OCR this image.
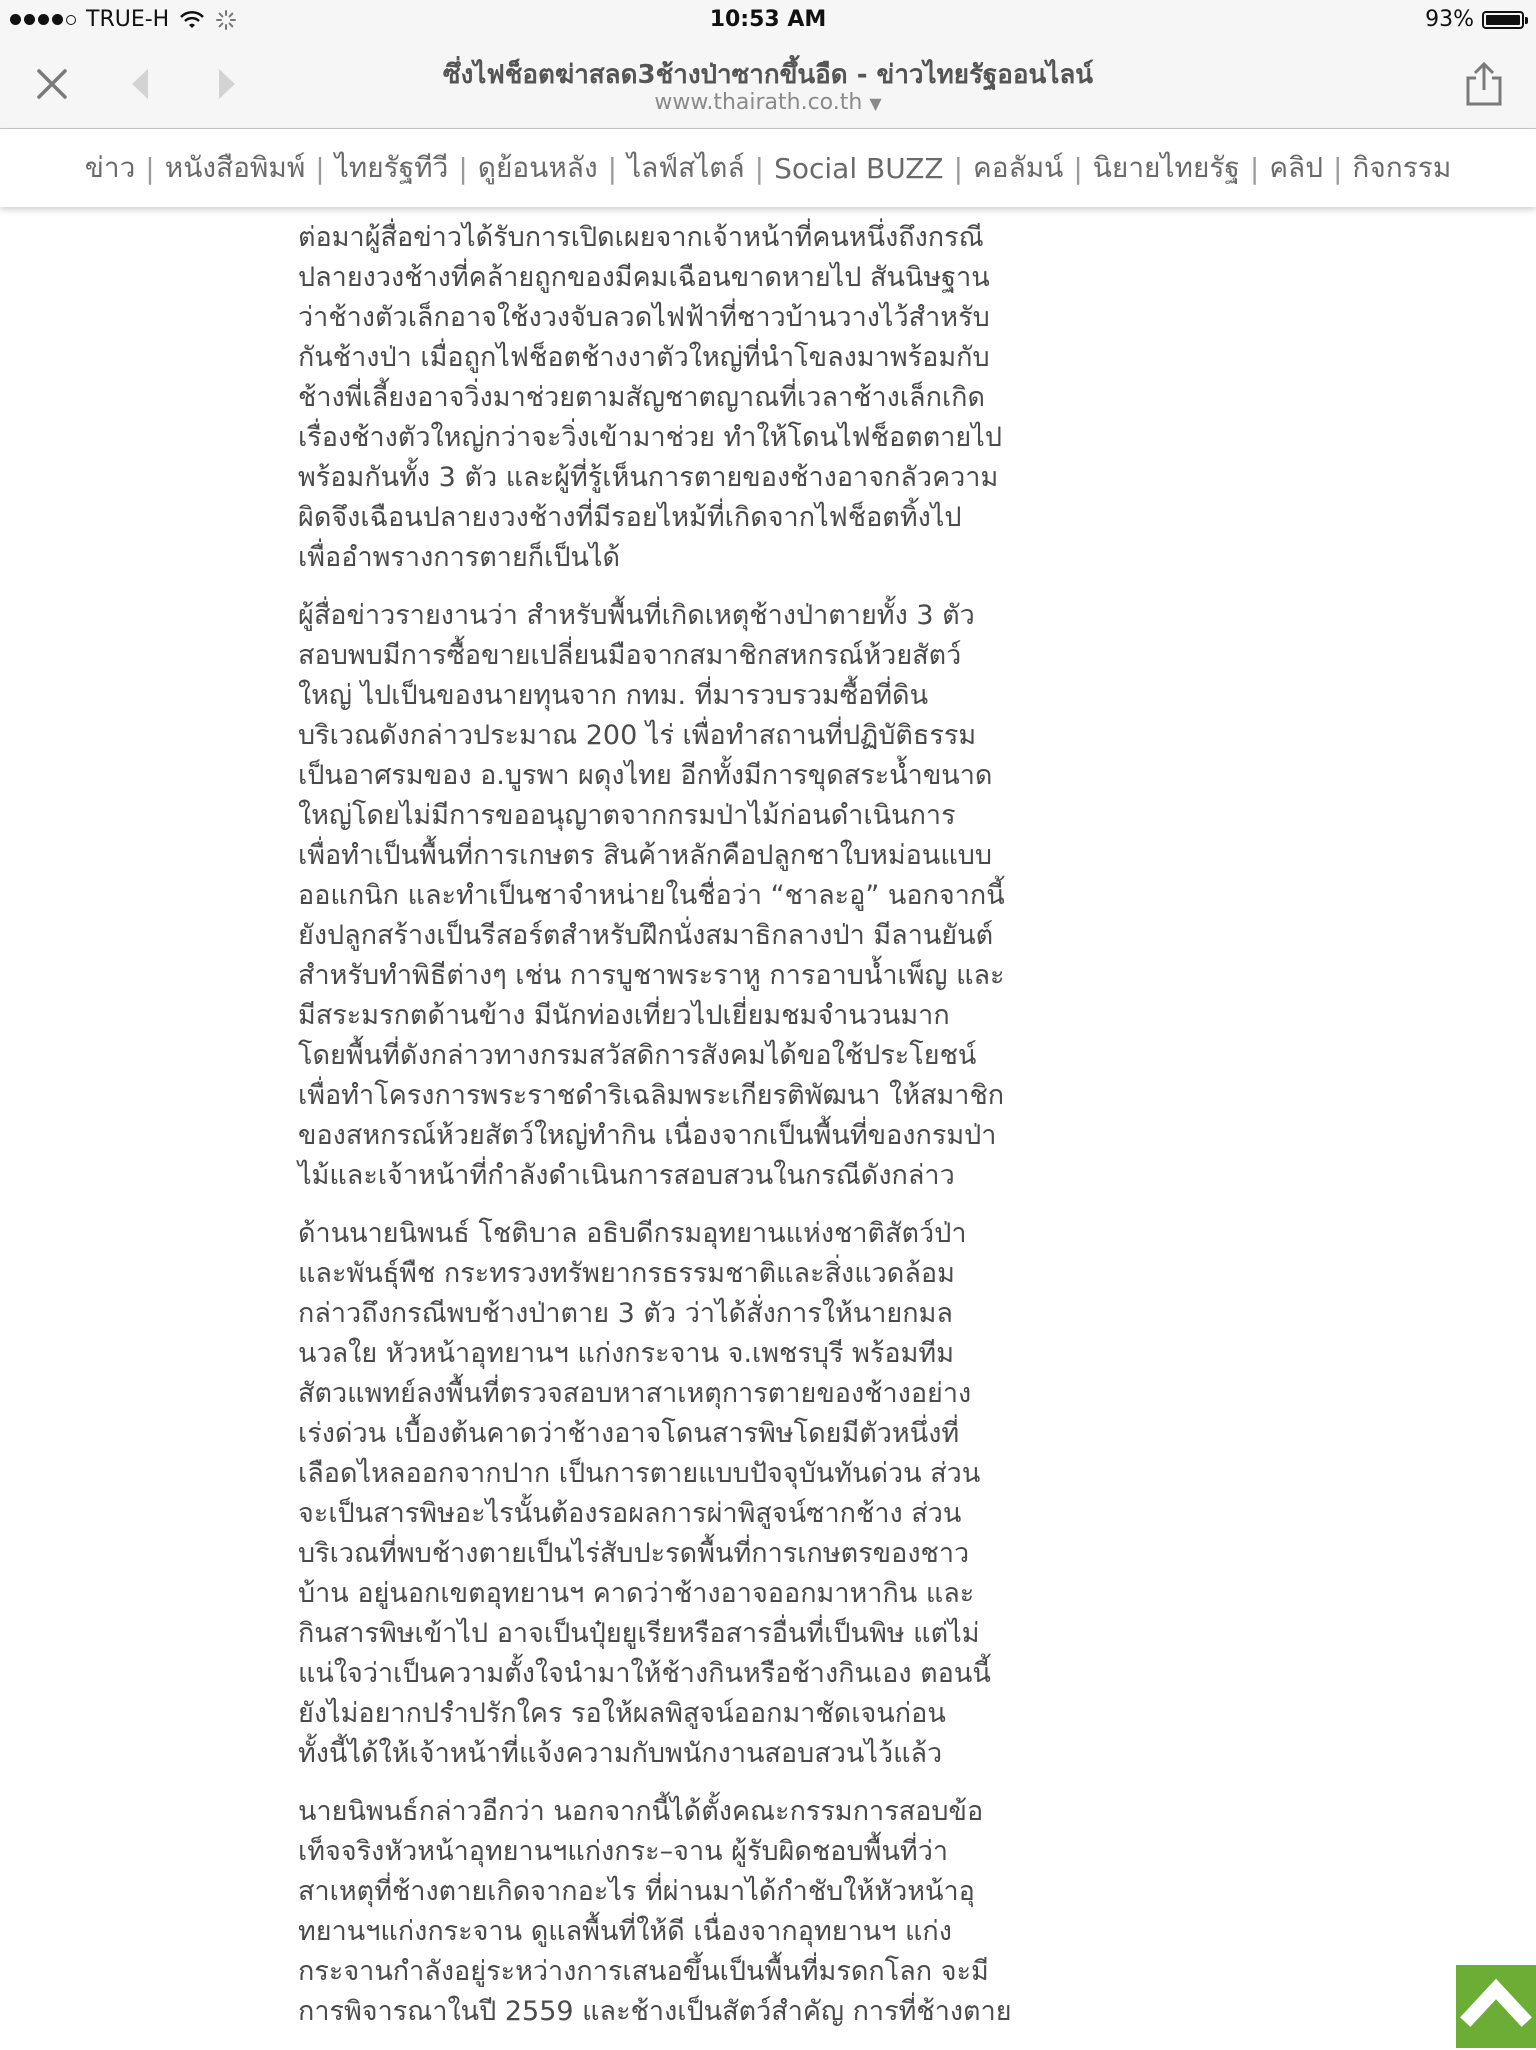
TRUE-H	10:53 AM	93%
ซึ่งไฟช็อตฆ่าสลด3ช้างป่าซากขึ้นอืด - ข่าวไทยรัฐออนไลน์
www.thairath.co.th ▼
ข่าว | หนังสือพิมพ์ | ไทยรัฐทีวี | ดูย้อนหลัง | ไลฟ์สไตล์ | Social BUZZ | คอลัมน์ | นิยายไทยรัฐ | คลิป | กิจกรรม

ต่อมาผู้สื่อข่าวได้รับการเปิดเผยจากเจ้าหน้าที่คนหนึ่งถึงกรณี
ปลายงวงช้างที่คล้ายถูกของมีคมเฉือนขาดหายไป สันนิษฐาน
ว่าช้างตัวเล็กอาจใช้งวงจับลวดไฟฟ้าที่ชาวบ้านวางไว้สำหรับ
กันช้างป่า เมื่อถูกไฟช็อตช้างงาตัวใหญ่ที่นำโขลงมาพร้อมกับ
ช้างพี่เลี้ยงอาจวิ่งมาช่วยตามสัญชาตญาณที่เวลาช้างเล็กเกิด
เรื่องช้างตัวใหญ่กว่าจะวิ่งเข้ามาช่วย ทำให้โดนไฟช็อตตายไป
พร้อมกันทั้ง 3 ตัว และผู้ที่รู้เห็นการตายของช้างอาจกลัวความ
ผิดจึงเฉือนปลายงวงช้างที่มีรอยไหม้ที่เกิดจากไฟช็อตทิ้งไป
เพื่ออำพรางการตายก็เป็นได้

ผู้สื่อข่าวรายงานว่า สำหรับพื้นที่เกิดเหตุช้างป่าตายทั้ง 3 ตัว
สอบพบมีการซื้อขายเปลี่ยนมือจากสมาชิกสหกรณ์ห้วยสัตว์
ใหญ่ ไปเป็นของนายทุนจาก กทม. ที่มารวบรวมซื้อที่ดิน
บริเวณดังกล่าวประมาณ 200 ไร่ เพื่อทำสถานที่ปฏิบัติธรรม
เป็นอาศรมของ อ.บูรพา ผดุงไทย อีกทั้งมีการขุดสระน้ำขนาด
ใหญ่โดยไม่มีการขออนุญาตจากกรมป่าไม้ก่อนดำเนินการ
เพื่อทำเป็นพื้นที่การเกษตร สินค้าหลักคือปลูกชาใบหม่อนแบบ
ออแกนิก และทำเป็นชาจำหน่ายในชื่อว่า “ชาละอู” นอกจากนี้
ยังปลูกสร้างเป็นรีสอร์ตสำหรับฝึกนั่งสมาธิกลางป่า มีลานยันต์
สำหรับทำพิธีต่างๆ เช่น การบูชาพระราหู การอาบน้ำเพ็ญ และ
มีสระมรกตด้านข้าง มีนักท่องเที่ยวไปเยี่ยมชมจำนวนมาก
โดยพื้นที่ดังกล่าวทางกรมสวัสดิการสังคมได้ขอใช้ประโยชน์
เพื่อทำโครงการพระราชดำริเฉลิมพระเกียรติพัฒนา ให้สมาชิก
ของสหกรณ์ห้วยสัตว์ใหญ่ทำกิน เนื่องจากเป็นพื้นที่ของกรมป่า
ไม้และเจ้าหน้าที่กำลังดำเนินการสอบสวนในกรณีดังกล่าว

ด้านนายนิพนธ์ โชติบาล อธิบดีกรมอุทยานแห่งชาติสัตว์ป่า
และพันธุ์พืช กระทรวงทรัพยากรธรรมชาติและสิ่งแวดล้อม
กล่าวถึงกรณีพบช้างป่าตาย 3 ตัว ว่าได้สั่งการให้นายกมล
นวลใย หัวหน้าอุทยานฯ แก่งกระจาน จ.เพชรบุรี พร้อมทีม
สัตวแพทย์ลงพื้นที่ตรวจสอบหาสาเหตุการตายของช้างอย่าง
เร่งด่วน เบื้องต้นคาดว่าช้างอาจโดนสารพิษโดยมีตัวหนึ่งที่
เลือดไหลออกจากปาก เป็นการตายแบบปัจจุบันทันด่วน ส่วน
จะเป็นสารพิษอะไรนั้นต้องรอผลการผ่าพิสูจน์ซากช้าง ส่วน
บริเวณที่พบช้างตายเป็นไร่สับปะรดพื้นที่การเกษตรของชาว
บ้าน อยู่นอกเขตอุทยานฯ คาดว่าช้างอาจออกมาหากิน และ
กินสารพิษเข้าไป อาจเป็นปุ๋ยยูเรียหรือสารอื่นที่เป็นพิษ แต่ไม่
แน่ใจว่าเป็นความตั้งใจนำมาให้ช้างกินหรือช้างกินเอง ตอนนี้
ยังไม่อยากปรำปรักใคร รอให้ผลพิสูจน์ออกมาชัดเจนก่อน
ทั้งนี้ได้ให้เจ้าหน้าที่แจ้งความกับพนักงานสอบสวนไว้แล้ว

นายนิพนธ์กล่าวอีกว่า นอกจากนี้ได้ตั้งคณะกรรมการสอบข้อ
เท็จจริงหัวหน้าอุทยานฯแก่งกระ–จาน ผู้รับผิดชอบพื้นที่ว่า
สาเหตุที่ช้างตายเกิดจากอะไร ที่ผ่านมาได้กำชับให้หัวหน้าอุ
ทยานฯแก่งกระจาน ดูแลพื้นที่ให้ดี เนื่องจากอุทยานฯ แก่ง
กระจานกำลังอยู่ระหว่างการเสนอขึ้นเป็นพื้นที่มรดกโลก จะมี
การพิจารณาในปี 2559 และช้างเป็นสัตว์สำคัญ การที่ช้างตาย
